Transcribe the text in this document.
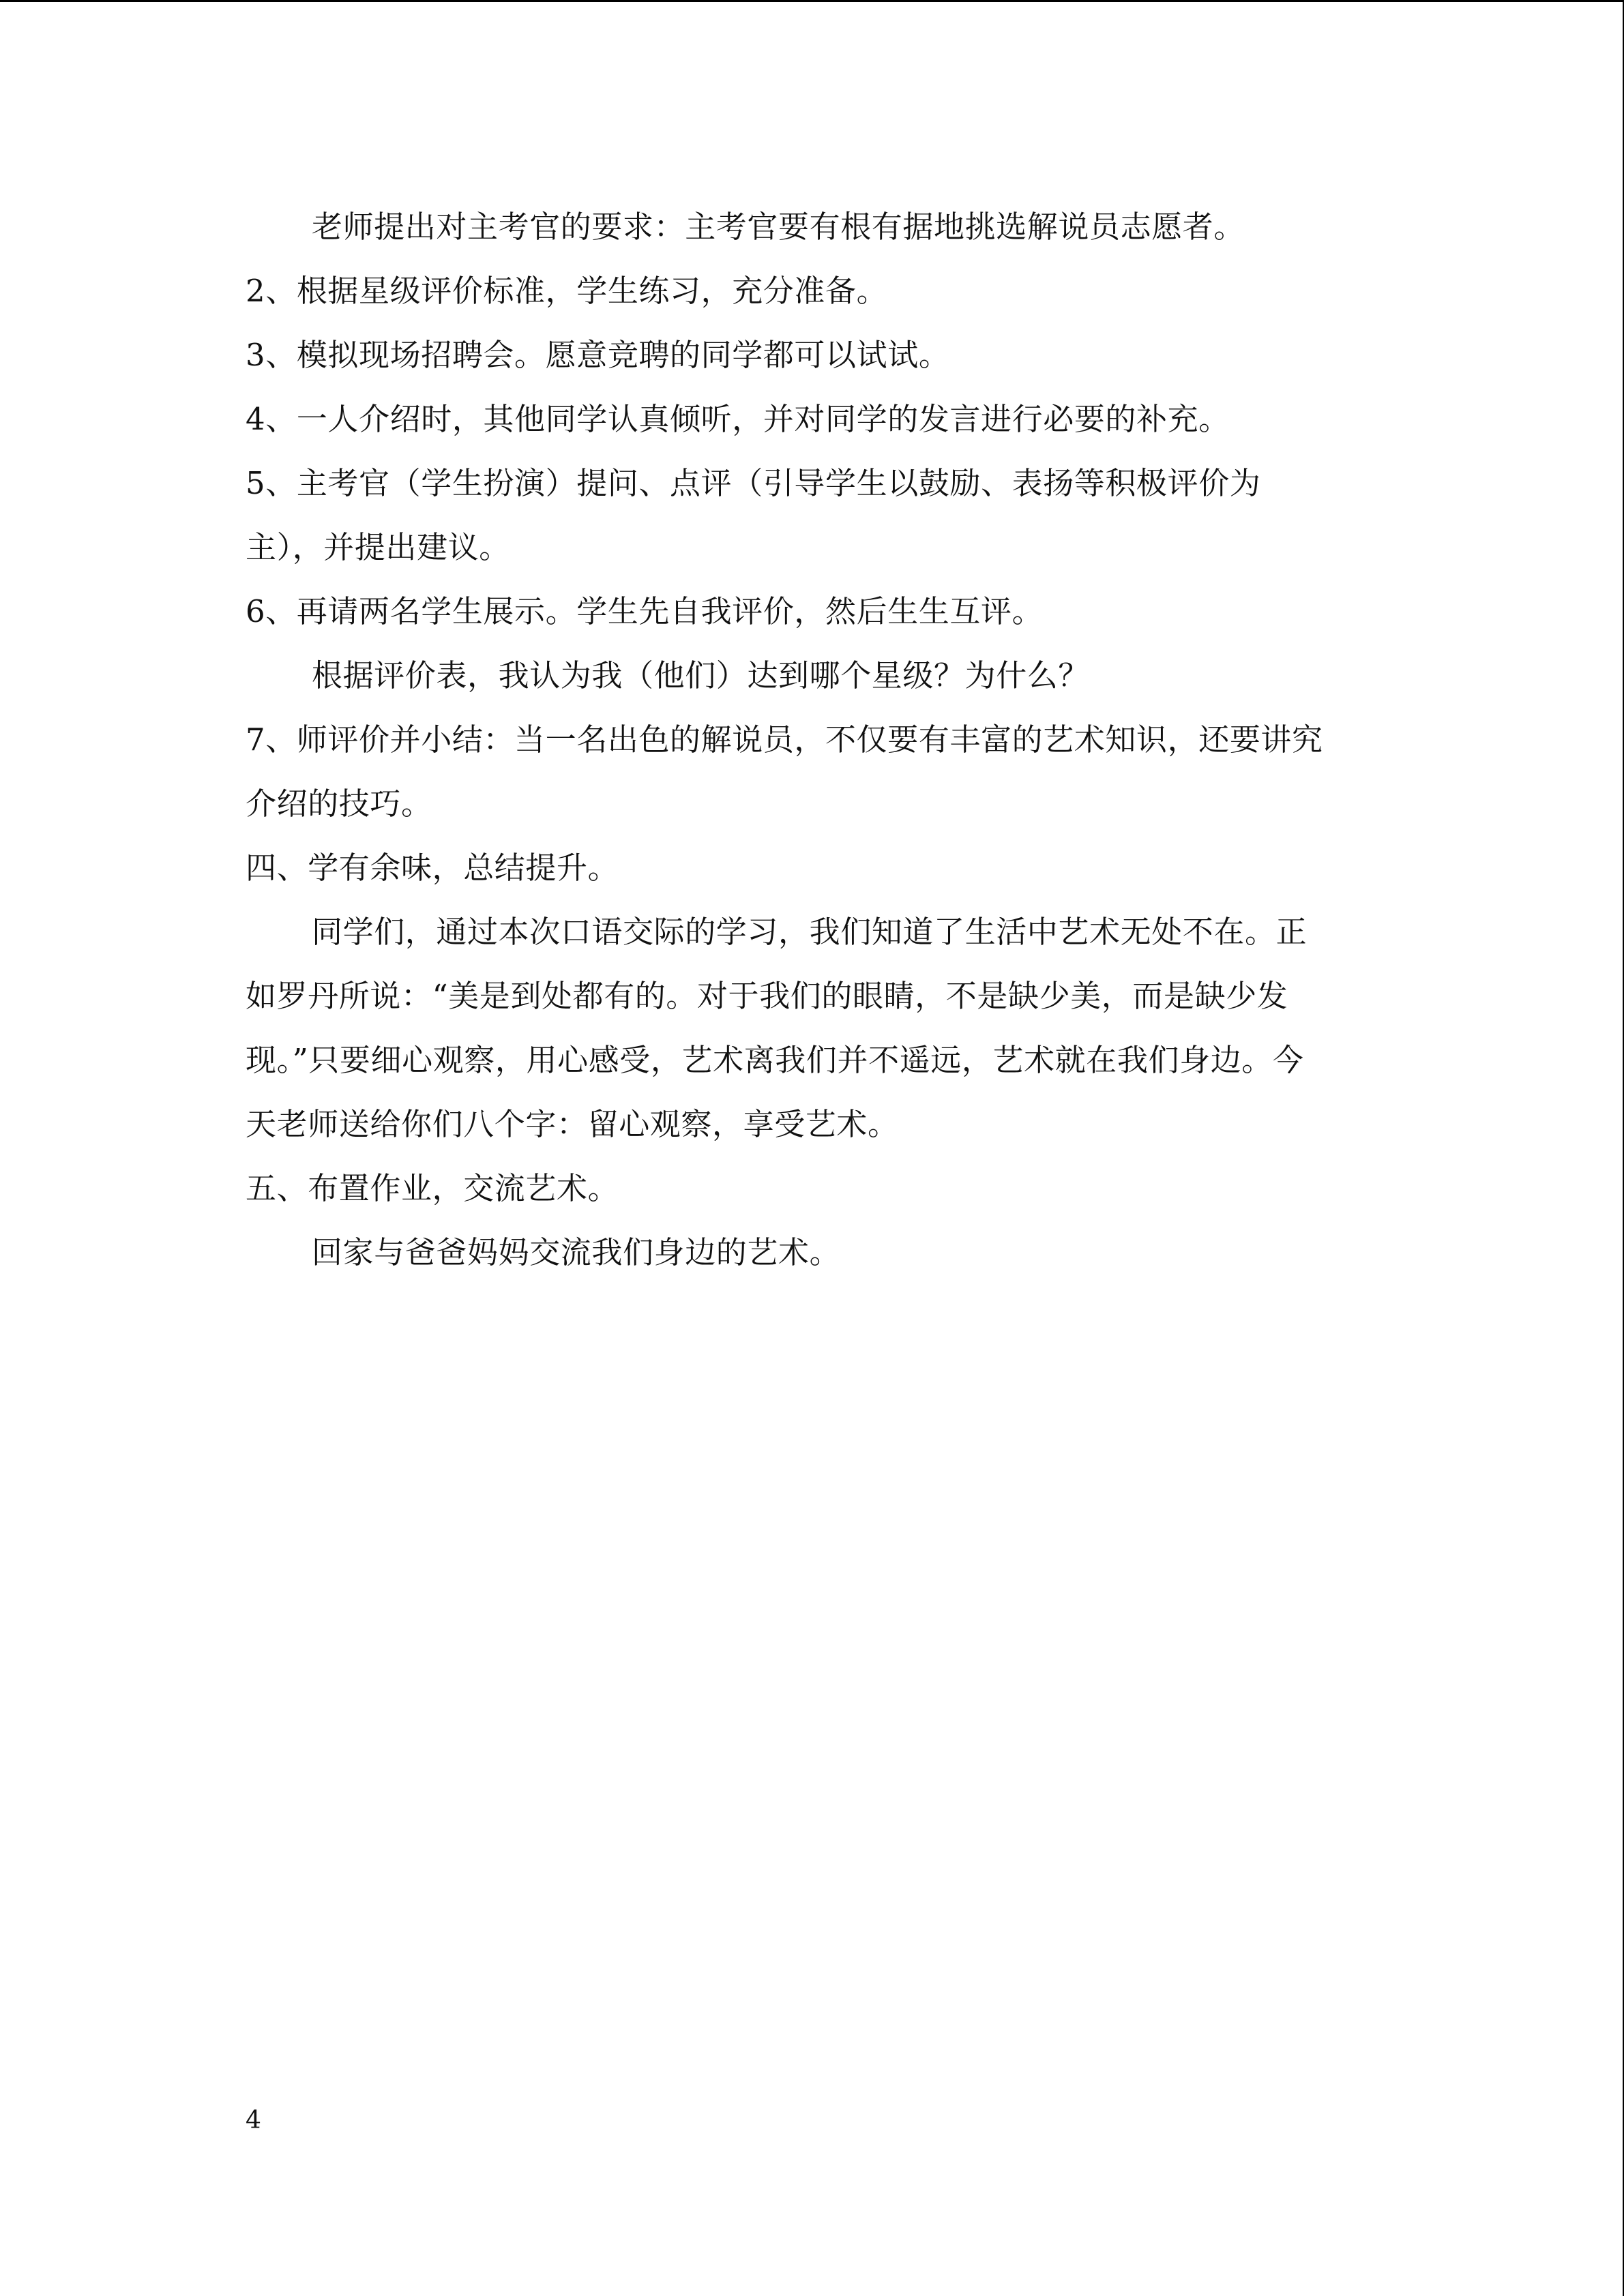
老师提出对主考官的要求：主考官要有根有据地挑选解说员志愿者。
2、根据星级评价标准，学生练习，充分准备。
3、模拟现场招聘会。愿意竞聘的同学都可以试试。
4、一人介绍时，其他同学认真倾听，并对同学的发言进行必要的补充。
5、主考官（学生扮演）提问、点评（引导学生以鼓励、表扬等积极评价为
主），并提出建议。
6、再请两名学生展示。学生先自我评价，然后生生互评。
根据评价表，我认为我（他们）达到哪个星级？为什么？
7、师评价并小结：当一名出色的解说员，不仅要有丰富的艺术知识，还要讲究
介绍的技巧。
四、学有余味，总结提升。
同学们，通过本次口语交际的学习，我们知道了生活中艺术无处不在。正
如罗丹所说：“美是到处都有的。对于我们的眼睛，不是缺少美，而是缺少发
现。”只要细心观察，用心感受，艺术离我们并不遥远，艺术就在我们身边。今
天老师送给你们八个字：留心观察，享受艺术。
五、布置作业，交流艺术。
回家与爸爸妈妈交流我们身边的艺术。
4
